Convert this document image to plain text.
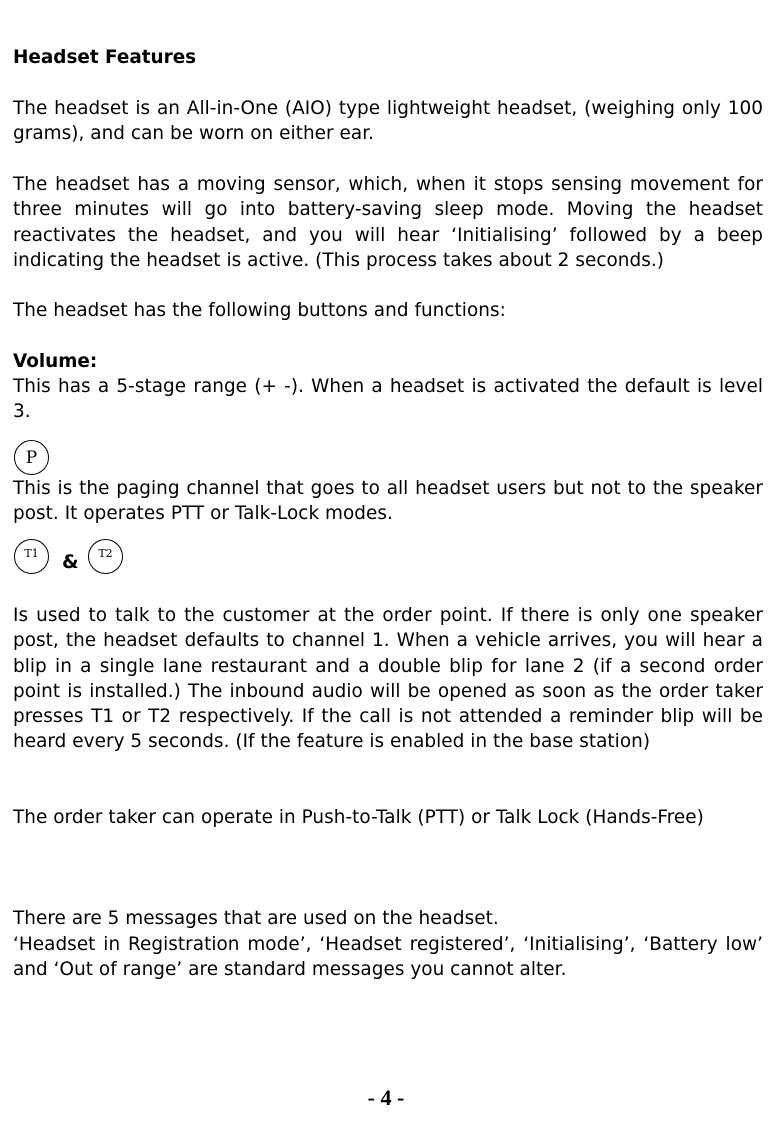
Headset Features

The headset is an All-in-One (AIO) type lightweight headset, (weighing only 100 grams), and can be worn on either ear.

The headset has a moving sensor, which, when it stops sensing movement for three minutes will go into battery-saving sleep mode. Moving the headset reactivates the headset, and you will hear ‘Initialising’ followed by a beep indicating the headset is active. (This process takes about 2 seconds.)

The headset has the following buttons and functions:

Volume:

This has a 5-stage range (+ -). When a headset is activated the default is level 3.

P

This is the paging channel that goes to all headset users but not to the speaker post. It operates PTT or Talk-Lock modes.

T1 & T2

Is used to talk to the customer at the order point. If there is only one speaker post, the headset defaults to channel 1. When a vehicle arrives, you will hear a blip in a single lane restaurant and a double blip for lane 2 (if a second order point is installed.) The inbound audio will be opened as soon as the order taker presses T1 or T2 respectively. If the call is not attended a reminder blip will be heard every 5 seconds. (If the feature is enabled in the base station)

The order taker can operate in Push-to-Talk (PTT) or Talk Lock (Hands-Free)

There are 5 messages that are used on the headset.

‘Headset in Registration mode’, ‘Headset registered’, ‘Initialising’, ‘Battery low’ and ‘Out of range’ are standard messages you cannot alter.

- 4 -
